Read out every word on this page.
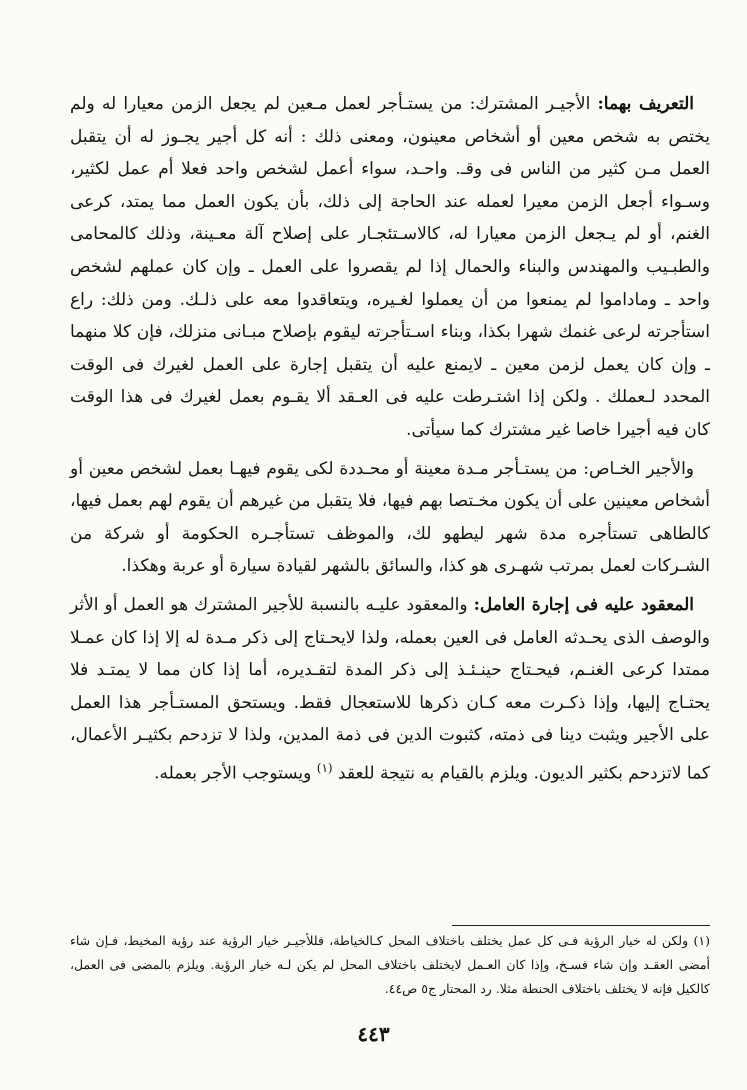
التعريف بهما: الأجيـر المشترك: من يستـأجر لعمل مـعين لم يجعل الزمن معيارا له ولم يختص به شخص معين أو أشخاص معينون، ومعنى ذلك : أنه كل أجير يجـوز له أن يتقبل العمل مـن كثير من الناس فى وقـ. واحـد، سواء أعمل لشخص واحد فعلا أم عمل لكثير، وسـواء أجعل الزمن معيرا لعمله عند الحاجة إلى ذلك، بأن يكون العمل مما يمتد، كرعى الغنم، أو لم يـجعل الزمن معيارا له، كالاسـتئجـار على إصلاح آلة معـينة، وذلك كالمحامى والطبـيب والمهندس والبناء والحمال إذا لم يقصروا على العمل ـ وإن كان عملهم لشخص واحد ـ وماداموا لم يمنعوا من أن يعملوا لغـيره، ويتعاقدوا معه على ذلـك. ومن ذلك: راع استأجرته لرعى غنمك شهرا بكذا، وبناء اسـتأجرته ليقوم بإصلاح مبـانى منزلك، فإن كلا منهما ـ وإن كان يعمل لزمن معين ـ لايمنع عليه أن يتقبل إجارة على العمل لغيرك فى الوقت المحدد لـعملك . ولكن إذا اشتـرطت عليه فى العـقد ألا يقـوم بعمل لغيرك فى هذا الوقت كان فيه أجيرا خاصا غير مشترك كما سيأتى.

والأجير الخـاص: من يستـأجر مـدة معينة أو محـددة لكى يقوم فيهـا بعمل لشخص معين أو أشخاص معينين على أن يكون مخـتصا بهم فيها، فلا يتقبل من غيرهم أن يقوم لهم بعمل فيها، كالطاهى تستأجره مدة شهر ليطهو لك، والموظف تستأجـره الحكومة أو شركة من الشـركات لعمل بمرتب شهـرى هو كذا، والسائق بالشهر لقيادة سيارة أو عربة وهكذا.

المعقود عليه فى إجارة العامل: والمعقود عليـه بالنسبة للأجير المشترك هو العمل أو الأثر والوصف الذى يحـدثه العامل فى العين بعمله، ولذا لايحـتاج إلى ذكر مـدة له إلا إذا كان عمـلا ممتدا كرعى الغنـم، فيحـتاج حينـئـذ إلى ذكر المدة لتقـديره، أما إذا كان مما لا يمتـد فلا يحتـاج إليها، وإذا ذكـرت معه كـان ذكرها للاستعجال فقط. ويستحق المستـأجر هذا العمل على الأجير ويثبت دينا فى ذمته، كثبوت الدين فى ذمة المدين، ولذا لا تزدحم بكثيـر الأعمال، كما لاتزدحم بكثير الديون. ويلزم بالقيام به نتيجة للعقد $^{(١)}$ ويستوجب الأجر بعمله.

(١) ولكن له خيار الرؤية فـى كل عمل يختلف باختلاف المحل كـالخياطة، فللأجيـر خيار الرؤية عند رؤية المخيط، فـإن شاء أمضى العقـد وإن شاء فسـخ، وإذا كان العـمل لايختلف باختلاف المحل لم يكن لـه خيار الرؤية. ويلزم بالمضى فى العمل، كالكيل فإنه لا يختلف باختلاف الحنطة مثلا. رد المحتار ج٥ ص٤٤.

٤٤٣
